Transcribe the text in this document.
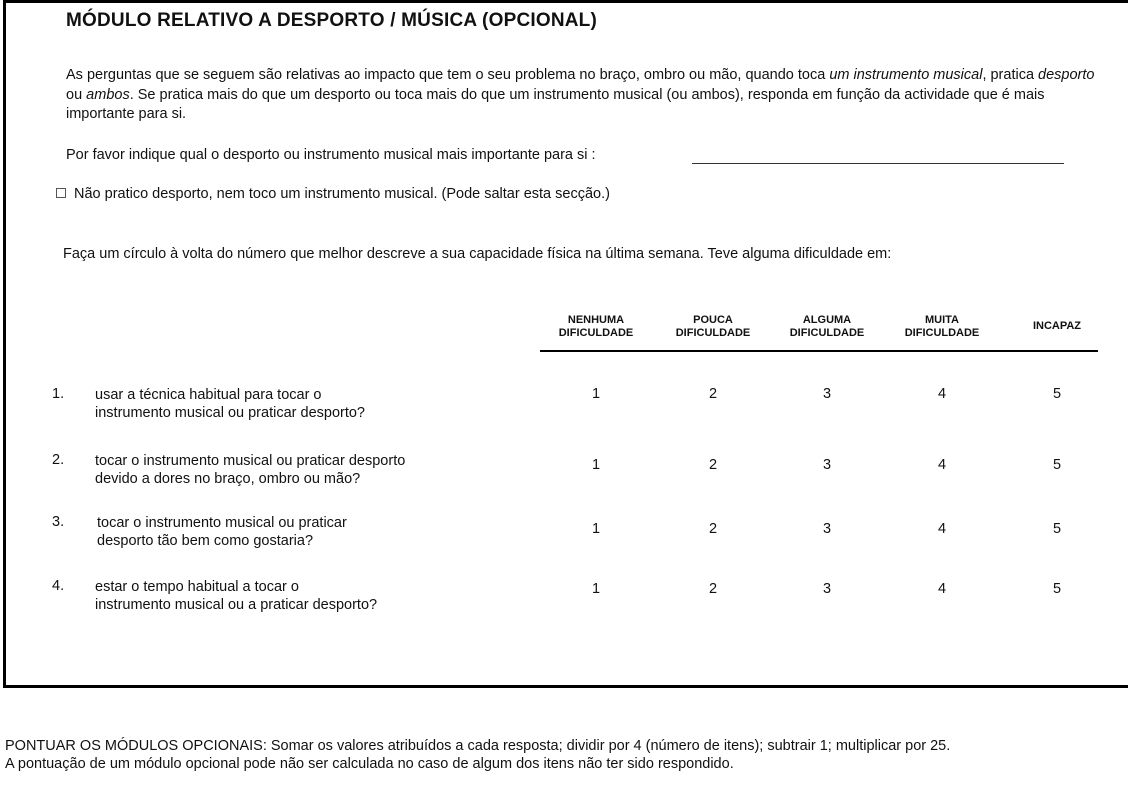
MÓDULO RELATIVO A DESPORTO / MÚSICA (OPCIONAL)

As perguntas que se seguem são relativas ao impacto que tem o seu problema no braço, ombro ou mão, quando toca um instrumento musical, pratica desporto ou ambos. Se pratica mais do que um desporto ou toca mais do que um instrumento musical (ou ambos), responda em função da actividade que é mais importante para si.

Por favor indique qual o desporto ou instrumento musical mais importante para si :
Não pratico desporto, nem toco um instrumento musical. (Pode saltar esta secção.)
Faça um círculo à volta do número que melhor descreve a sua capacidade física na última semana. Teve alguma dificuldade em:
NENHUMA
DIFICULDADE
POUCA
DIFICULDADE
ALGUMA
DIFICULDADE
MUITA
DIFICULDADE
INCAPAZ
1. usar a técnica habitual para tocar o
instrumento musical ou praticar desporto?
1	2	3	4	5
2. tocar o instrumento musical ou praticar desporto
devido a dores no braço, ombro ou mão?
1	2	3	4	5
3. tocar o instrumento musical ou praticar
desporto tão bem como gostaria?
1	2	3	4	5
4. estar o tempo habitual a tocar o
instrumento musical ou a praticar desporto?
1	2	3	4	5

PONTUAR OS MÓDULOS OPCIONAIS: Somar os valores atribuídos a cada resposta; dividir por 4 (número de itens); subtrair 1; multiplicar por 25.

A pontuação de um módulo opcional pode não ser calculada no caso de algum dos itens não ter sido respondido.
